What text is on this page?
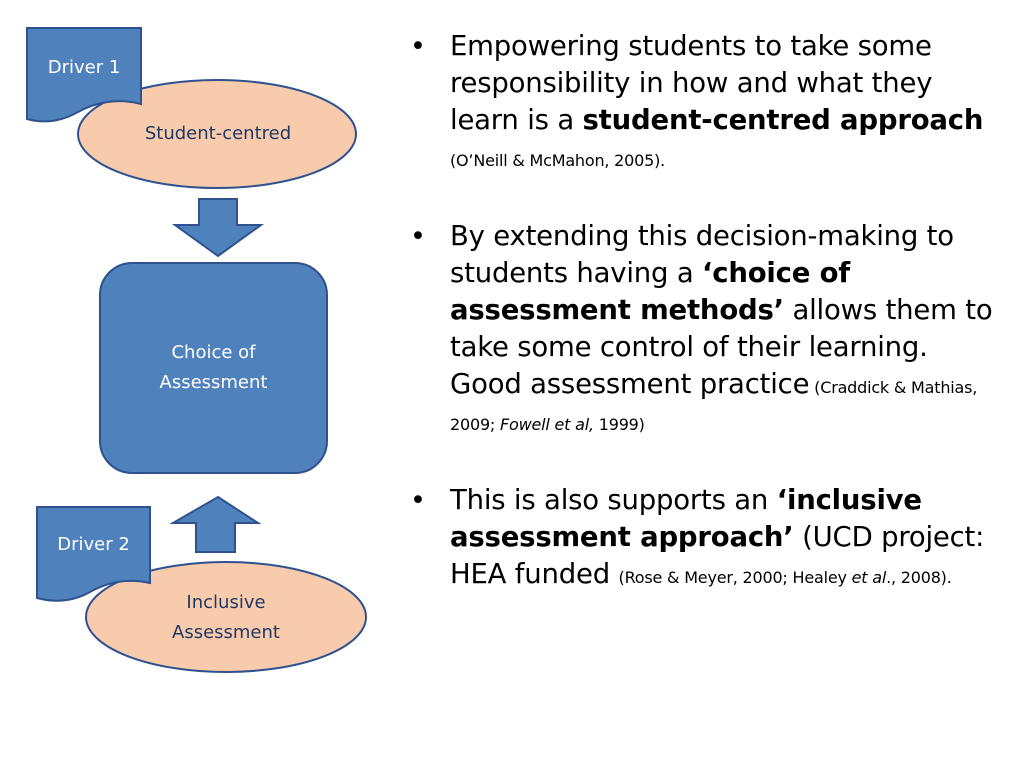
Driver 1
Student-centred
Choice of
Assessment
Driver 2
Inclusive
Assessment
• Empowering students to take some responsibility in how and what they learn is a student-centred approach (O’Neill & McMahon, 2005).
• By extending this decision-making to students having a ‘choice of assessment methods’ allows them to take some control of their learning. Good assessment practice (Craddick & Mathias, 2009; Fowell et al, 1999)
• This is also supports an ‘inclusive assessment approach’ (UCD project: HEA funded (Rose & Meyer, 2000; Healey et al., 2008).
